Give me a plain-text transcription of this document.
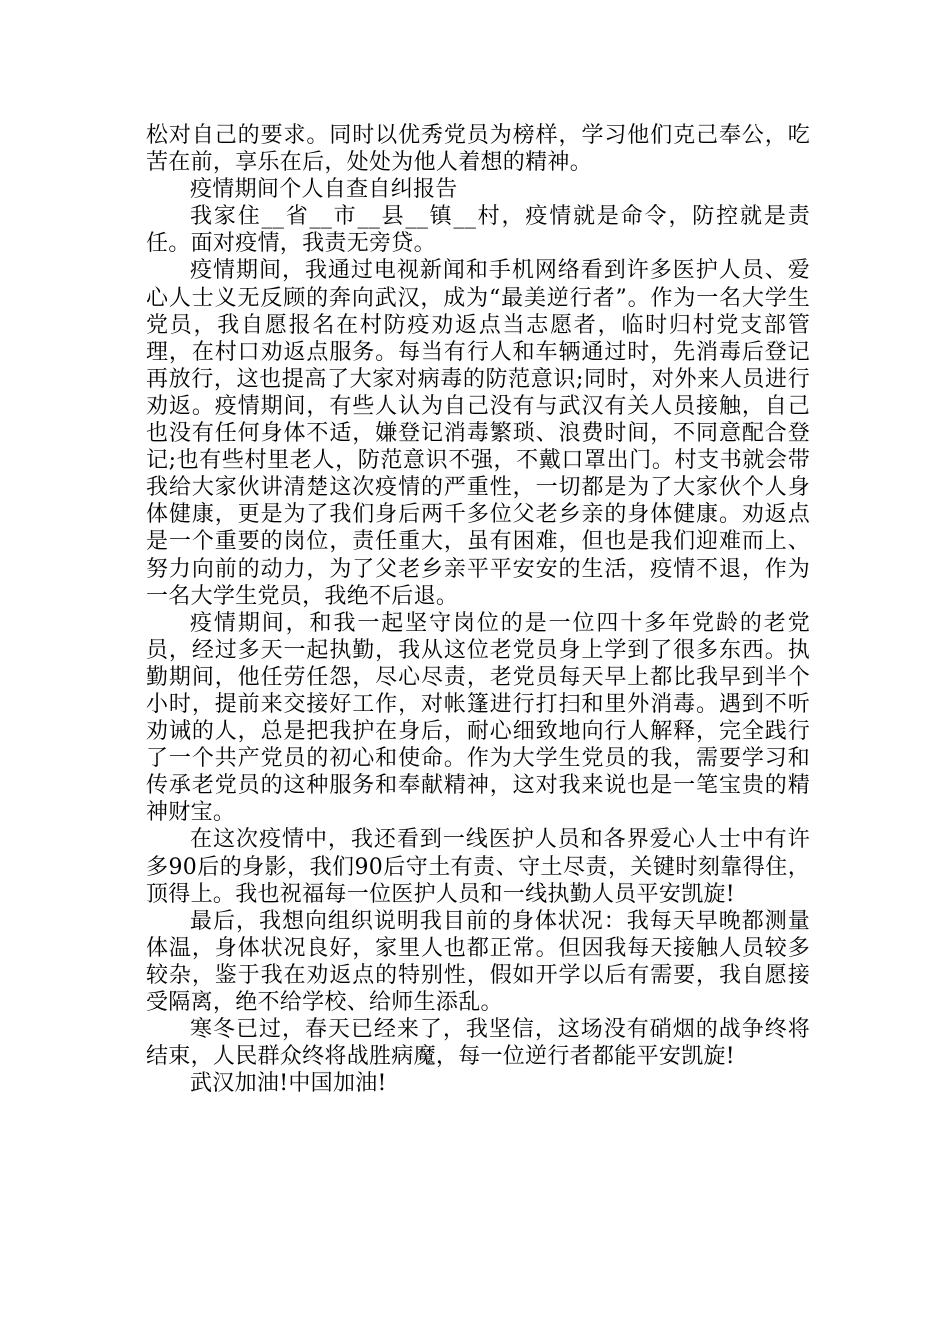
松对自己的要求。同时以优秀党员为榜样，学习他们克己奉公，吃苦在前，享乐在后，处处为他人着想的精神。

疫情期间个人自查自纠报告

我家住__省__市__县__镇__村，疫情就是命令，防控就是责任。面对疫情，我责无旁贷。

疫情期间，我通过电视新闻和手机网络看到许多医护人员、爱心人士义无反顾的奔向武汉，成为“最美逆行者”。作为一名大学生党员，我自愿报名在村防疫劝返点当志愿者，临时归村党支部管理，在村口劝返点服务。每当有行人和车辆通过时，先消毒后登记再放行，这也提高了大家对病毒的防范意识;同时，对外来人员进行劝返。疫情期间，有些人认为自己没有与武汉有关人员接触，自己也没有任何身体不适，嫌登记消毒繁琐、浪费时间，不同意配合登记;也有些村里老人，防范意识不强，不戴口罩出门。村支书就会带我给大家伙讲清楚这次疫情的严重性，一切都是为了大家伙个人身体健康，更是为了我们身后两千多位父老乡亲的身体健康。劝返点是一个重要的岗位，责任重大，虽有困难，但也是我们迎难而上、努力向前的动力，为了父老乡亲平平安安的生活，疫情不退，作为一名大学生党员，我绝不后退。

疫情期间，和我一起坚守岗位的是一位四十多年党龄的老党员，经过多天一起执勤，我从这位老党员身上学到了很多东西。执勤期间，他任劳任怨，尽心尽责，老党员每天早上都比我早到半个小时，提前来交接好工作，对帐篷进行打扫和里外消毒。遇到不听劝诫的人，总是把我护在身后，耐心细致地向行人解释，完全践行了一个共产党员的初心和使命。作为大学生党员的我，需要学习和传承老党员的这种服务和奉献精神，这对我来说也是一笔宝贵的精神财宝。

在这次疫情中，我还看到一线医护人员和各界爱心人士中有许多90后的身影，我们90后守土有责、守土尽责，关键时刻靠得住，顶得上。我也祝福每一位医护人员和一线执勤人员平安凯旋!

最后，我想向组织说明我目前的身体状况：我每天早晚都测量体温，身体状况良好，家里人也都正常。但因我每天接触人员较多较杂，鉴于我在劝返点的特别性，假如开学以后有需要，我自愿接受隔离，绝不给学校、给师生添乱。

寒冬已过，春天已经来了，我坚信，这场没有硝烟的战争终将结束，人民群众终将战胜病魔，每一位逆行者都能平安凯旋!

武汉加油!中国加油!
